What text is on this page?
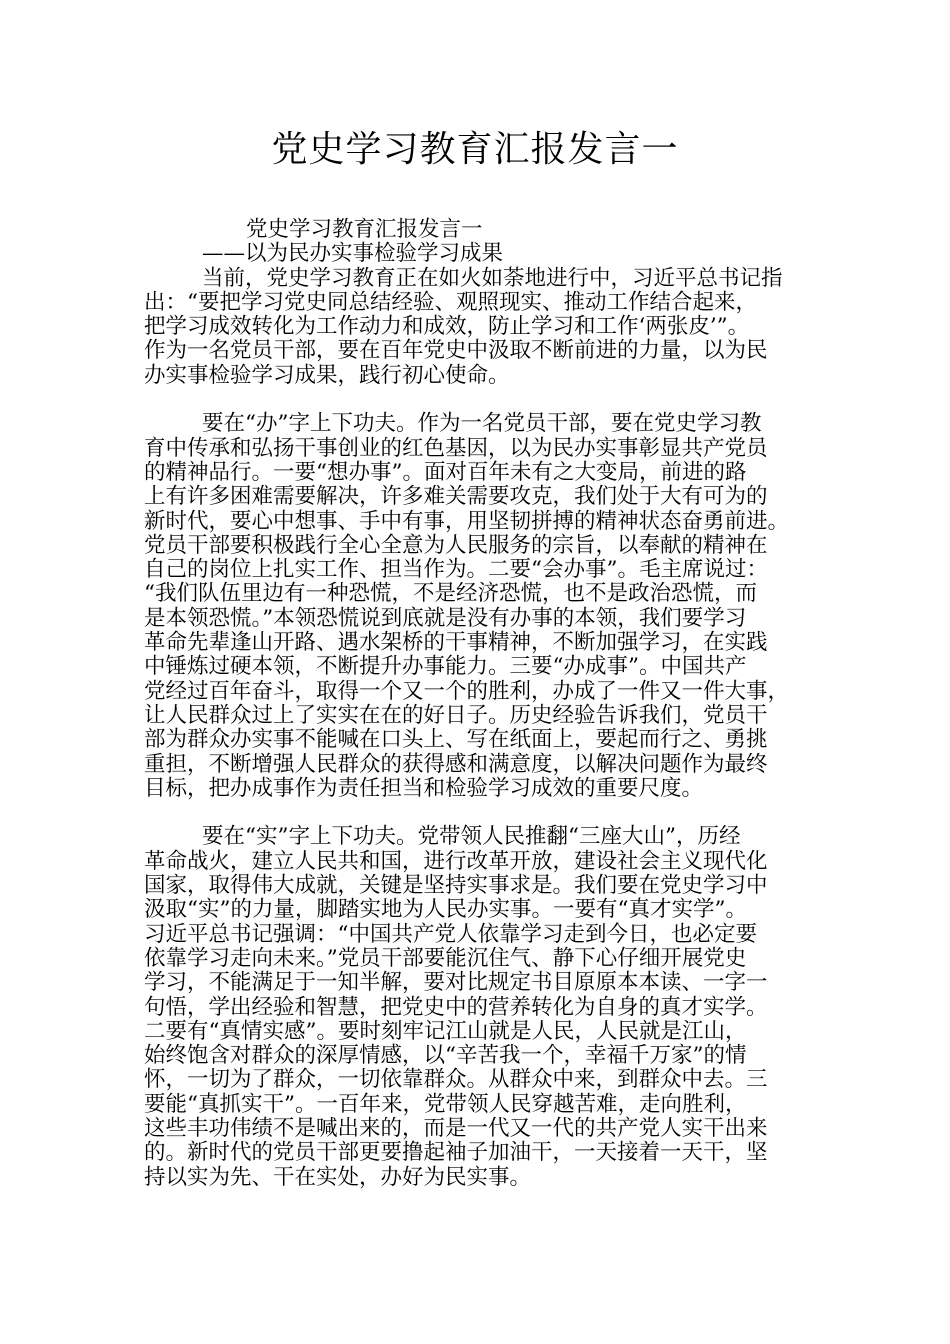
党史学习教育汇报发言一
党史学习教育汇报发言一
——以为民办实事检验学习成果
当前，党史学习教育正在如火如荼地进行中，习近平总书记指
出：“要把学习党史同总结经验、观照现实、推动工作结合起来，
把学习成效转化为工作动力和成效，防止学习和工作‘两张皮’”。
作为一名党员干部，要在百年党史中汲取不断前进的力量，以为民
办实事检验学习成果，践行初心使命。
要在“办”字上下功夫。作为一名党员干部，要在党史学习教
育中传承和弘扬干事创业的红色基因，以为民办实事彰显共产党员
的精神品行。一要“想办事”。面对百年未有之大变局，前进的路
上有许多困难需要解决，许多难关需要攻克，我们处于大有可为的
新时代，要心中想事、手中有事，用坚韧拼搏的精神状态奋勇前进。
党员干部要积极践行全心全意为人民服务的宗旨，以奉献的精神在
自己的岗位上扎实工作、担当作为。二要“会办事”。毛主席说过：
“我们队伍里边有一种恐慌，不是经济恐慌，也不是政治恐慌，而
是本领恐慌。”本领恐慌说到底就是没有办事的本领，我们要学习
革命先辈逢山开路、遇水架桥的干事精神，不断加强学习，在实践
中锤炼过硬本领，不断提升办事能力。三要“办成事”。中国共产
党经过百年奋斗，取得一个又一个的胜利，办成了一件又一件大事，
让人民群众过上了实实在在的好日子。历史经验告诉我们，党员干
部为群众办实事不能喊在口头上、写在纸面上，要起而行之、勇挑
重担，不断增强人民群众的获得感和满意度，以解决问题作为最终
目标，把办成事作为责任担当和检验学习成效的重要尺度。
要在“实”字上下功夫。党带领人民推翻“三座大山”，历经
革命战火，建立人民共和国，进行改革开放，建设社会主义现代化
国家，取得伟大成就，关键是坚持实事求是。我们要在党史学习中
汲取“实”的力量，脚踏实地为人民办实事。一要有“真才实学”。
习近平总书记强调：“中国共产党人依靠学习走到今日，也必定要
依靠学习走向未来。”党员干部要能沉住气、静下心仔细开展党史
学习，不能满足于一知半解，要对比规定书目原原本本读、一字一
句悟，学出经验和智慧，把党史中的营养转化为自身的真才实学。
二要有“真情实感”。要时刻牢记江山就是人民，人民就是江山，
始终饱含对群众的深厚情感，以“辛苦我一个，幸福千万家”的情
怀，一切为了群众，一切依靠群众。从群众中来，到群众中去。三
要能“真抓实干”。一百年来，党带领人民穿越苦难，走向胜利，
这些丰功伟绩不是喊出来的，而是一代又一代的共产党人实干出来
的。新时代的党员干部更要撸起袖子加油干，一天接着一天干，坚
持以实为先、干在实处，办好为民实事。
